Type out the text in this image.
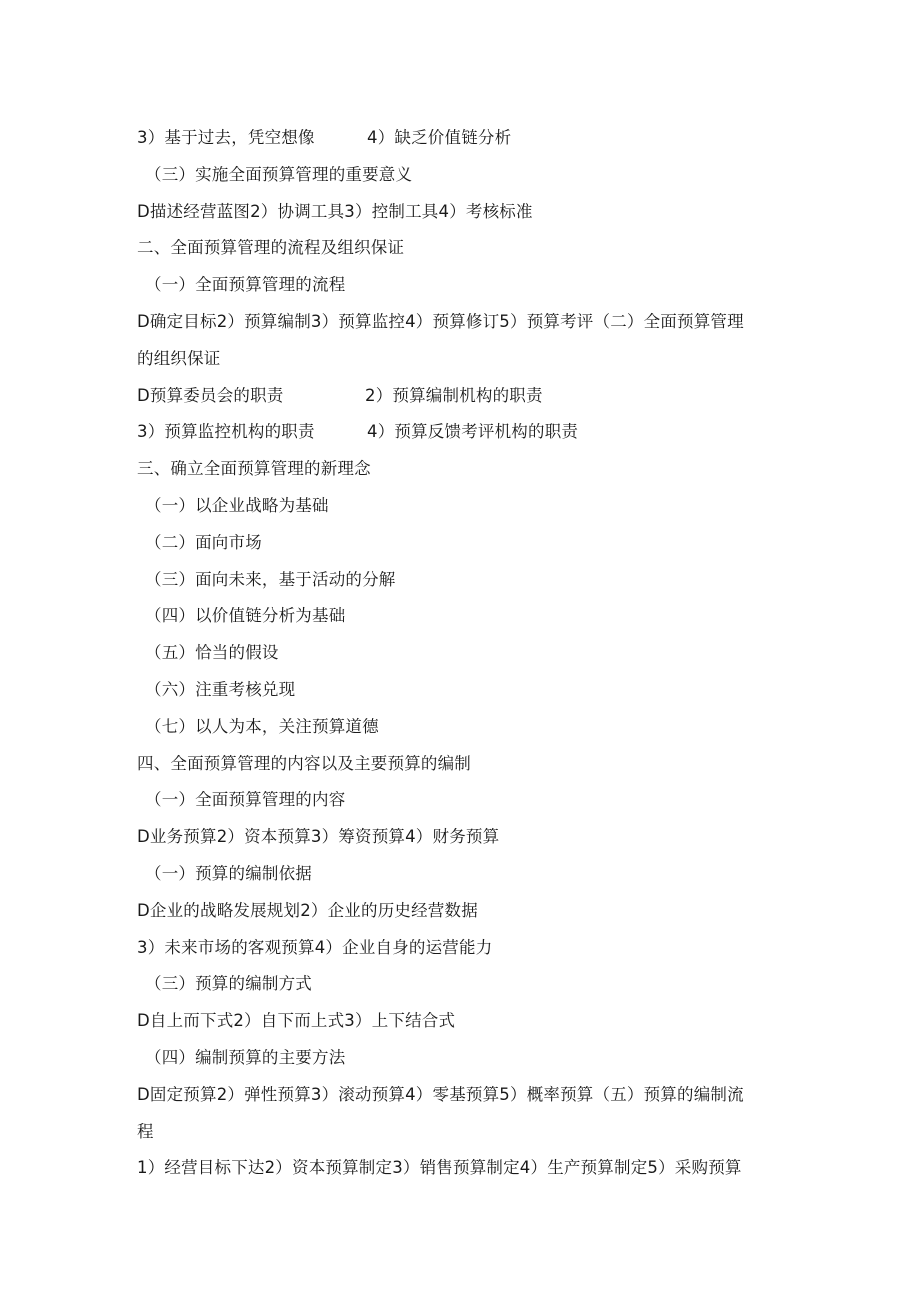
3）基于过去，凭空想像	4）缺乏价值链分析
（三）实施全面预算管理的重要意义
D描述经营蓝图2）协调工具3）控制工具4）考核标准
二、全面预算管理的流程及组织保证
（一）全面预算管理的流程
D确定目标2）预算编制3）预算监控4）预算修订5）预算考评（二）全面预算管理
的组织保证
D预算委员会的职责	2）预算编制机构的职责
3）预算监控机构的职责	4）预算反馈考评机构的职责
三、确立全面预算管理的新理念
（一）以企业战略为基础
（二）面向市场
（三）面向未来，基于活动的分解
（四）以价值链分析为基础
（五）恰当的假设
（六）注重考核兑现
（七）以人为本，关注预算道德
四、全面预算管理的内容以及主要预算的编制
（一）全面预算管理的内容
D业务预算2）资本预算3）筹资预算4）财务预算
（一）预算的编制依据
D企业的战略发展规划2）企业的历史经营数据
3）未来市场的客观预算4）企业自身的运营能力
（三）预算的编制方式
D自上而下式2）自下而上式3）上下结合式
（四）编制预算的主要方法
D固定预算2）弹性预算3）滚动预算4）零基预算5）概率预算（五）预算的编制流
程
1）经营目标下达2）资本预算制定3）销售预算制定4）生产预算制定5）采购预算
